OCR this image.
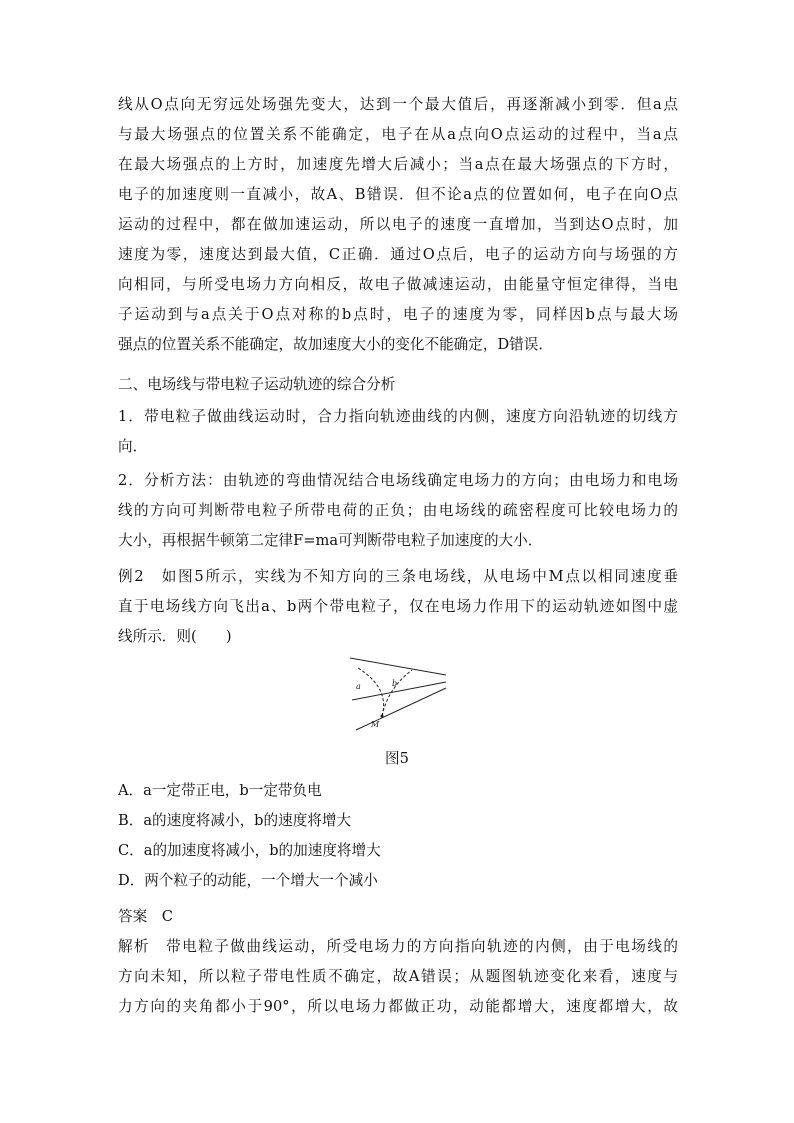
线从O点向无穷远处场强先变大，达到一个最大值后，再逐渐减小到零．但a点
与最大场强点的位置关系不能确定，电子在从a点向O点运动的过程中，当a点
在最大场强点的上方时，加速度先增大后减小；当a点在最大场强点的下方时，
电子的加速度则一直减小，故A、B错误．但不论a点的位置如何，电子在向O点
运动的过程中，都在做加速运动，所以电子的速度一直增加，当到达O点时，加
速度为零，速度达到最大值，C正确．通过O点后，电子的运动方向与场强的方
向相同，与所受电场力方向相反，故电子做减速运动，由能量守恒定律得，当电
子运动到与a点关于O点对称的b点时，电子的速度为零，同样因b点与最大场
强点的位置关系不能确定，故加速度大小的变化不能确定，D错误．
二、电场线与带电粒子运动轨迹的综合分析
1．带电粒子做曲线运动时，合力指向轨迹曲线的内侧，速度方向沿轨迹的切线方
向．
2．分析方法：由轨迹的弯曲情况结合电场线确定电场力的方向；由电场力和电场
线的方向可判断带电粒子所带电荷的正负；由电场线的疏密程度可比较电场力的
大小，再根据牛顿第二定律F=ma可判断带电粒子加速度的大小．
例2　如图5所示，实线为不知方向的三条电场线，从电场中M点以相同速度垂
直于电场线方向飞出a、b两个带电粒子，仅在电场力作用下的运动轨迹如图中虚
线所示．则(　　)
a	b
M
图5
A．a一定带正电，b一定带负电
B．a的速度将减小，b的速度将增大
C．a的加速度将减小，b的加速度将增大
D．两个粒子的动能，一个增大一个减小
答案　C
解析　带电粒子做曲线运动，所受电场力的方向指向轨迹的内侧，由于电场线的
方向未知，所以粒子带电性质不确定，故A错误；从题图轨迹变化来看，速度与
力方向的夹角都小于90°，所以电场力都做正功，动能都增大，速度都增大，故
